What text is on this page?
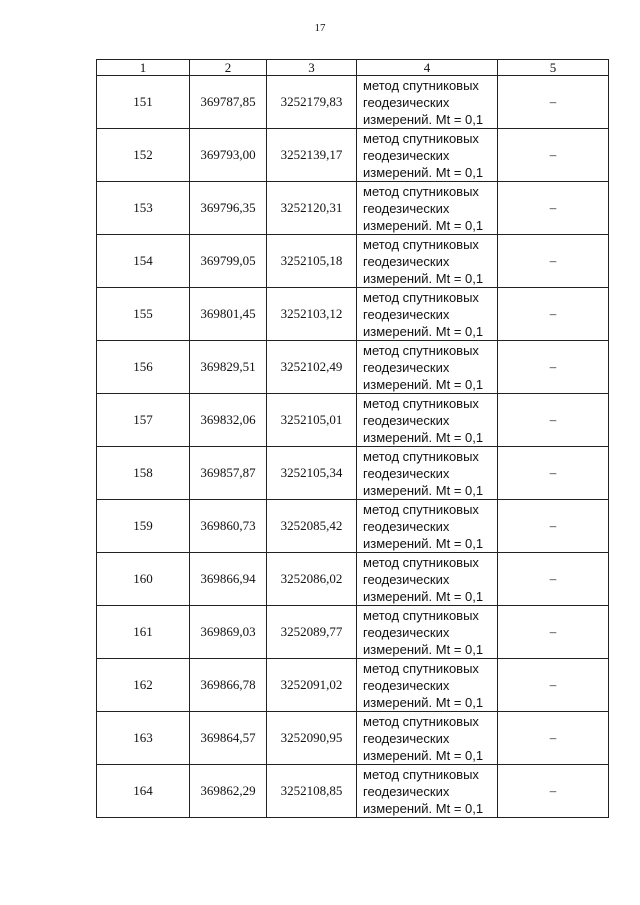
17
1	2	3	4	5
151	369787,85	3252179,83	метод спутниковых
геодезических
измерений. Mt = 0,1	–
152	369793,00	3252139,17	метод спутниковых
геодезических
измерений. Mt = 0,1	–
153	369796,35	3252120,31	метод спутниковых
геодезических
измерений. Mt = 0,1	–
154	369799,05	3252105,18	метод спутниковых
геодезических
измерений. Mt = 0,1	–
155	369801,45	3252103,12	метод спутниковых
геодезических
измерений. Mt = 0,1	–
156	369829,51	3252102,49	метод спутниковых
геодезических
измерений. Mt = 0,1	–
157	369832,06	3252105,01	метод спутниковых
геодезических
измерений. Mt = 0,1	–
158	369857,87	3252105,34	метод спутниковых
геодезических
измерений. Mt = 0,1	–
159	369860,73	3252085,42	метод спутниковых
геодезических
измерений. Mt = 0,1	–
160	369866,94	3252086,02	метод спутниковых
геодезических
измерений. Mt = 0,1	–
161	369869,03	3252089,77	метод спутниковых
геодезических
измерений. Mt = 0,1	–
162	369866,78	3252091,02	метод спутниковых
геодезических
измерений. Mt = 0,1	–
163	369864,57	3252090,95	метод спутниковых
геодезических
измерений. Mt = 0,1	–
164	369862,29	3252108,85	метод спутниковых
геодезических
измерений. Mt = 0,1	–
